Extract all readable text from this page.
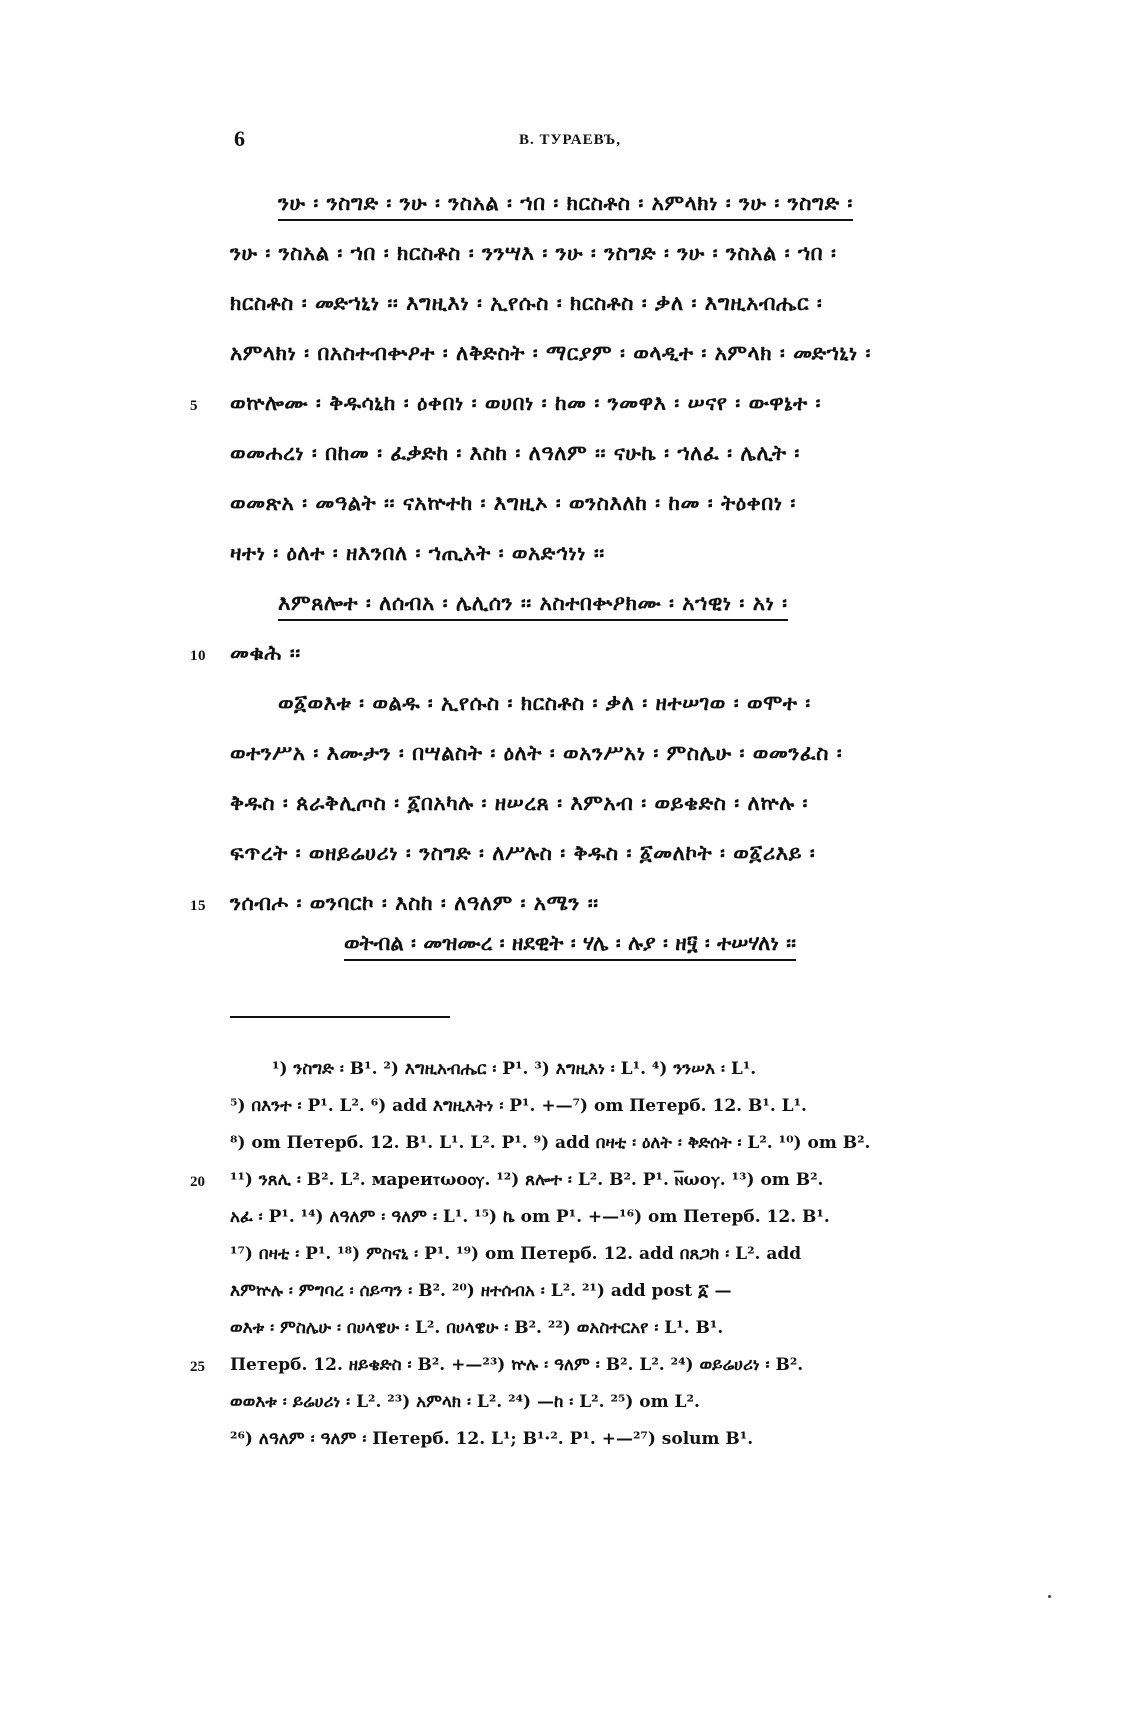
6	В. ТУРАЕВЪ,
ንሁ ፡ ንስግድ ፡ ንሁ ፡ ንስአል ፡ ኀበ ፡ ክርስቶስ ፡ አምላክነ ፡ ንሁ ፡ ንስግድ ፡
ንሁ ፡ ንስአል ፡ ኀበ ፡ ክርስቶስ ፡ ንንሣእ ፡ ንሁ ፡ ንስግድ ፡ ንሁ ፡ ንስአል ፡ ኀበ ፡
ክርስቶስ ፡ መድኀኒነ ፡፡ እግዚእነ ፡ ኢየሱስ ፡ ክርስቶስ ፡ ቃለ ፡ እግዚአብሔር ፡
አምላክነ ፡ በአስተብቍዖተ ፡ ለቅድስት ፡ ማርያም ፡ ወላዲተ ፡ አምላክ ፡ መድኀኒነ ፡
5 ወኵሎሙ ፡ ቅዱሳኒከ ፡ ዕቀበነ ፡ ወሀበነ ፡ ከመ ፡ ንመዋእ ፡ ሠናየ ፡ ውዋኔተ ፡
ወመሐረነ ፡ በከመ ፡ ፈቃድከ ፡ እስከ ፡ ለዓለም ፡፡ ናሁኬ ፡ ኀለፈ ፡ ሌሊት ፡
ወመጽአ ፡ መዓልት ፡፡ ናአኵተከ ፡ እግዚኦ ፡ ወንስእለከ ፡ ከመ ፡ ትዕቀበነ ፡
ዛተነ ፡ ዕለተ ፡ ዘእንበለ ፡ ኀጢአት ፡ ወአድኅነነ ፡፡
እምጸሎተ ፡ ለሰብአ ፡ ሌሊሰን ፡፡ አስተበቍዖክሙ ፡ አኀዊነ ፡ አነ ፡
10 መቁሕ ፡፡
ወ፩ወእቱ ፡ ወልዱ ፡ ኢየሱስ ፡ ክርስቶስ ፡ ቃለ ፡ ዘተሠገወ ፡ ወሞተ ፡
ወተንሥአ ፡ እሙታን ፡ በሣልስት ፡ ዕለት ፡ ወአንሥአነ ፡ ምስሌሁ ፡ ወመንፈስ ፡
ቅዱስ ፡ ጰራቅሊጦስ ፡ ፩በአካሉ ፡ ዘሠረጸ ፡ እምአብ ፡ ወይቄድስ ፡ ለኵሉ ፡
ፍጥረት ፡ ወዘይሬሀሪነ ፡ ንስግድ ፡ ለሥሉስ ፡ ቅዱስ ፡ ፩መለኮት ፡ ወ፩ሪእይ ፡
15 ንሰብሖ ፡ ወንባርኮ ፡ እስከ ፡ ለዓለም ፡ አሜን ፡፡
ወትብል ፡ መዝሙረ ፡ ዘደዊት ፡ ሃሌ ፡ ሉያ ፡ ዘ፶ ፡ ተሠሃለነ ፡፡
¹) ንስግድ ፡ B¹. ²) እግዚአብሔር ፡ P¹. ³) እግዚእነ ፡ L¹. ⁴) ንንሠእ ፡ L¹.
⁵) በእንተ ፡ P¹. L². ⁶) add እግዚእትነ ፡ P¹. +—⁷) om Петерб. 12. B¹. L¹.
⁸) om Петерб. 12. B¹. L¹. L². P¹. ⁹) add በዛቲ ፡ ዕለት ፡ ቅድሰት ፡ L². ¹⁰) om B².
20 ¹¹) ንጸሊ ፡ B². L². мареиⲧωοⲟⲩ. ¹²) ጸሎተ ፡ L². B². P¹. ⲛ̅ωοⲩ. ¹³) om B².
አፈ ፡ P¹. ¹⁴) ለዓለም ፡ ዓለም ፡ L¹. ¹⁵) ኬ om P¹. +—¹⁶) om Петерб. 12. B¹.
¹⁷) በዛቲ ፡ P¹. ¹⁸) ምስናኒ ፡ P¹. ¹⁹) om Петерб. 12. add በጸጋከ ፡ L². add
እምኵሉ ፡ ምግባረ ፡ ሰይጣን ፡ B². ²⁰) ዘተሰብአ ፡ L². ²¹) add post ፩ —
ወእቱ ፡ ምስሌሁ ፡ በሀላዌሁ ፡ L². በሀላዌሁ ፡ B². ²²) ወአስተርአየ ፡ L¹. B¹.
25 Петерб. 12. ዘይቄድስ ፡ B². +—²³) ኵሉ ፡ ዓለም ፡ B². L². ²⁴) ወይሬሀሪነ ፡ B².
ወወእቱ ፡ ይሬሀሪነ ፡ L². ²³) አምላክ ፡ L². ²⁴) —ከ ፡ L². ²⁵) om L².
²⁶) ለዓለም ፡ ዓለም ፡ Петерб. 12. L¹; B¹·². P¹. +—²⁷) solum B¹.
